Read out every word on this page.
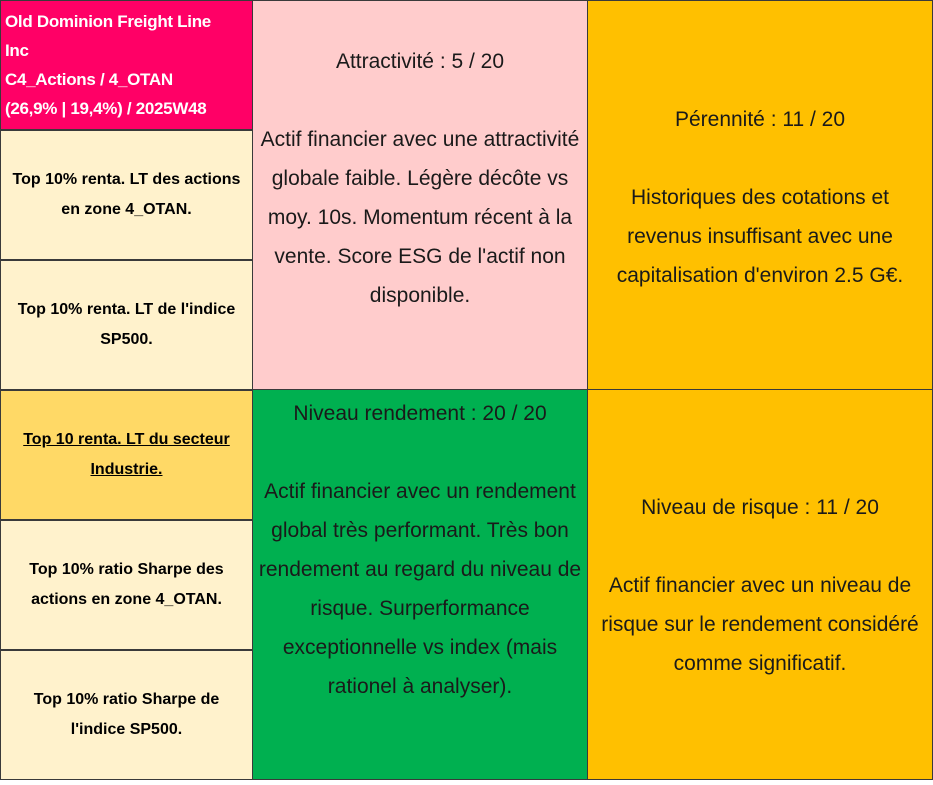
Old Dominion Freight Line
Inc
C4_Actions / 4_OTAN
(26,9% | 19,4%) / 2025W48
Top 10% renta. LT des actions en zone 4_OTAN.
Top 10% renta. LT de l'indice SP500.
Top 10 renta. LT du secteur Industrie.
Top 10% ratio Sharpe des actions en zone 4_OTAN.
Top 10% ratio Sharpe de l'indice SP500.
Attractivité : 5 / 20
Actif financier avec une attractivité globale faible. Légère décôte vs moy. 10s. Momentum récent à la vente. Score ESG de l'actif non disponible.
Pérennité : 11 / 20
Historiques des cotations et revenus insuffisant avec une capitalisation d'environ 2.5 G€.
Niveau rendement : 20 / 20
Actif financier avec un rendement global très performant. Très bon rendement au regard du niveau de risque. Surperformance exceptionnelle vs index (mais rationel à analyser).
Niveau de risque : 11 / 20
Actif financier avec un niveau de risque sur le rendement considéré comme significatif.
